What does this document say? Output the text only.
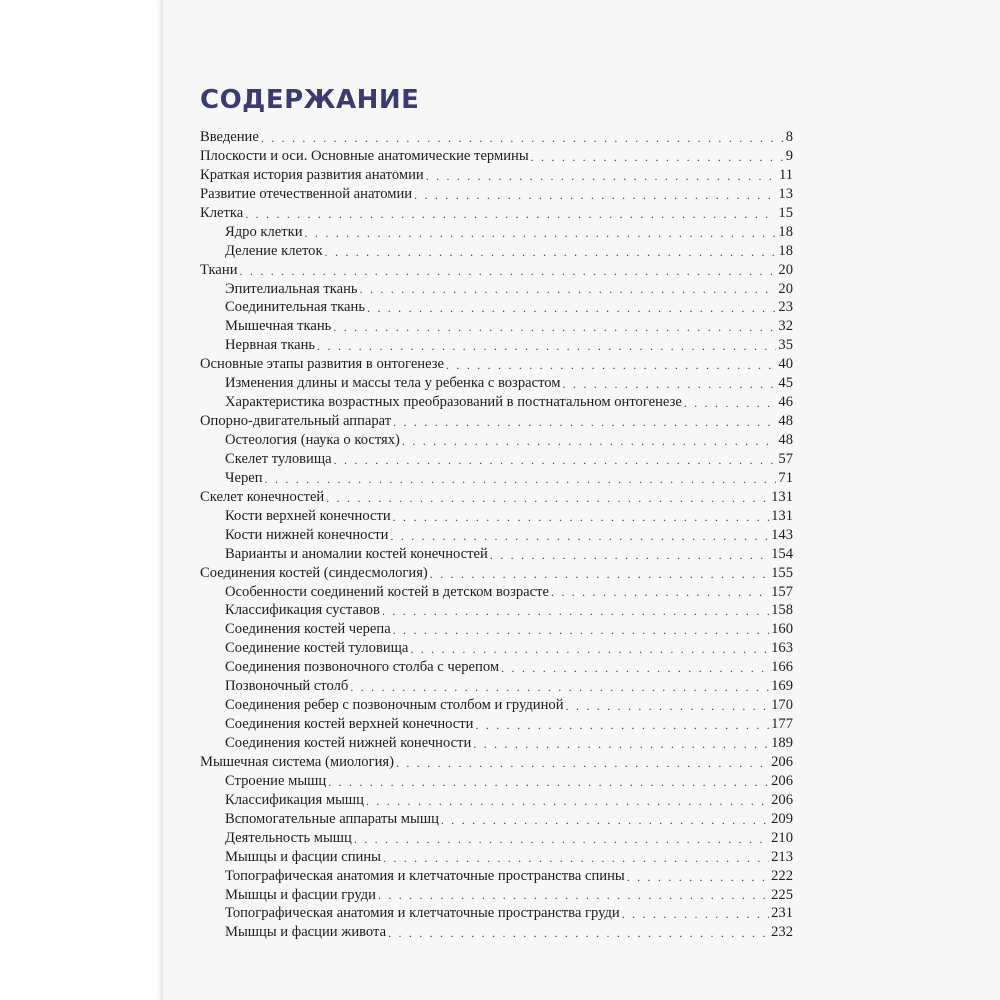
СОДЕРЖАНИЕ
Введение . . .	8
Плоскости и оси. Основные анатомические термины . . .	9
Краткая история развития анатомии . . .	11
Развитие отечественной анатомии . . .	13
Клетка . . .	15
Ядро клетки . . .	18
Деление клеток . . .	18
Ткани . . .	20
Эпителиальная ткань . . .	20
Соединительная ткань . . .	23
Мышечная ткань . . .	32
Нервная ткань . . .	35
Основные этапы развития в онтогенезе . . .	40
Изменения длины и массы тела у ребенка с возрастом . . .	45
Характеристика возрастных преобразований в постнатальном онтогенезе . . .	46
Опорно-двигательный аппарат . . .	48
Остеология (наука о костях) . . .	48
Скелет туловища . . .	57
Череп . . .	71
Скелет конечностей . . .	131
Кости верхней конечности . . .	131
Кости нижней конечности . . .	143
Варианты и аномалии костей конечностей . . .	154
Соединения костей (синдесмология) . . .	155
Особенности соединений костей в детском возрасте . . .	157
Классификация суставов . . .	158
Соединения костей черепа . . .	160
Соединение костей туловища . . .	163
Соединения позвоночного столба с черепом . . .	166
Позвоночный столб . . .	169
Соединения ребер с позвоночным столбом и грудиной . . .	170
Соединения костей верхней конечности . . .	177
Соединения костей нижней конечности . . .	189
Мышечная система (миология) . . .	206
Строение мышц . . .	206
Классификация мышц . . .	206
Вспомогательные аппараты мышц . . .	209
Деятельность мышц . . .	210
Мышцы и фасции спины . . .	213
Топографическая анатомия и клетчаточные пространства спины . . .	222
Мышцы и фасции груди . . .	225
Топографическая анатомия и клетчаточные пространства груди . . .	231
Мышцы и фасции живота . . .	232
